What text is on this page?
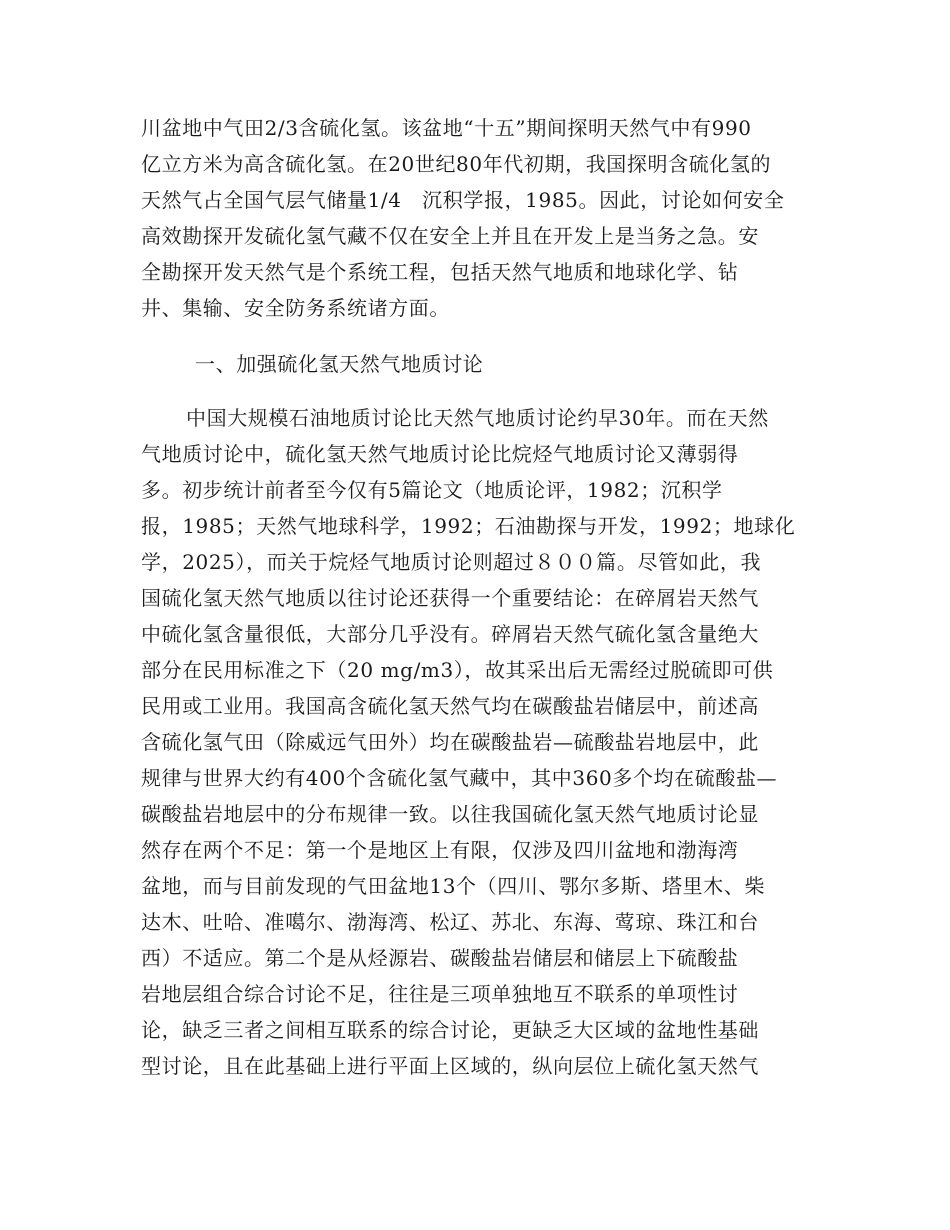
川盆地中气田2/3含硫化氢。该盆地“十五”期间探明天然气中有990
亿立方米为高含硫化氢。在20世纪80年代初期，我国探明含硫化氢的
天然气占全国气层气储量1/4　沉积学报，1985。因此，讨论如何安全
高效勘探开发硫化氢气藏不仅在安全上并且在开发上是当务之急。安
全勘探开发天然气是个系统工程，包括天然气地质和地球化学、钻
井、集输、安全防务系统诸方面。
一、加强硫化氢天然气地质讨论
中国大规模石油地质讨论比天然气地质讨论约早30年。而在天然
气地质讨论中，硫化氢天然气地质讨论比烷烃气地质讨论又薄弱得
多。初步统计前者至今仅有5篇论文（地质论评，1982；沉积学
报，1985；天然气地球科学，1992；石油勘探与开发，1992；地球化
学，2025），而关于烷烃气地质讨论则超过８００篇。尽管如此，我
国硫化氢天然气地质以往讨论还获得一个重要结论：在碎屑岩天然气
中硫化氢含量很低，大部分几乎没有。碎屑岩天然气硫化氢含量绝大
部分在民用标准之下（20 mg/m3），故其采出后无需经过脱硫即可供
民用或工业用。我国高含硫化氢天然气均在碳酸盐岩储层中，前述高
含硫化氢气田（除威远气田外）均在碳酸盐岩—硫酸盐岩地层中，此
规律与世界大约有400个含硫化氢气藏中，其中360多个均在硫酸盐—
碳酸盐岩地层中的分布规律一致。以往我国硫化氢天然气地质讨论显
然存在两个不足：第一个是地区上有限，仅涉及四川盆地和渤海湾
盆地，而与目前发现的气田盆地13个（四川、鄂尔多斯、塔里木、柴
达木、吐哈、准噶尔、渤海湾、松辽、苏北、东海、莺琼、珠江和台
西）不适应。第二个是从烃源岩、碳酸盐岩储层和储层上下硫酸盐
岩地层组合综合讨论不足，往往是三项单独地互不联系的单项性讨
论，缺乏三者之间相互联系的综合讨论，更缺乏大区域的盆地性基础
型讨论，且在此基础上进行平面上区域的，纵向层位上硫化氢天然气
